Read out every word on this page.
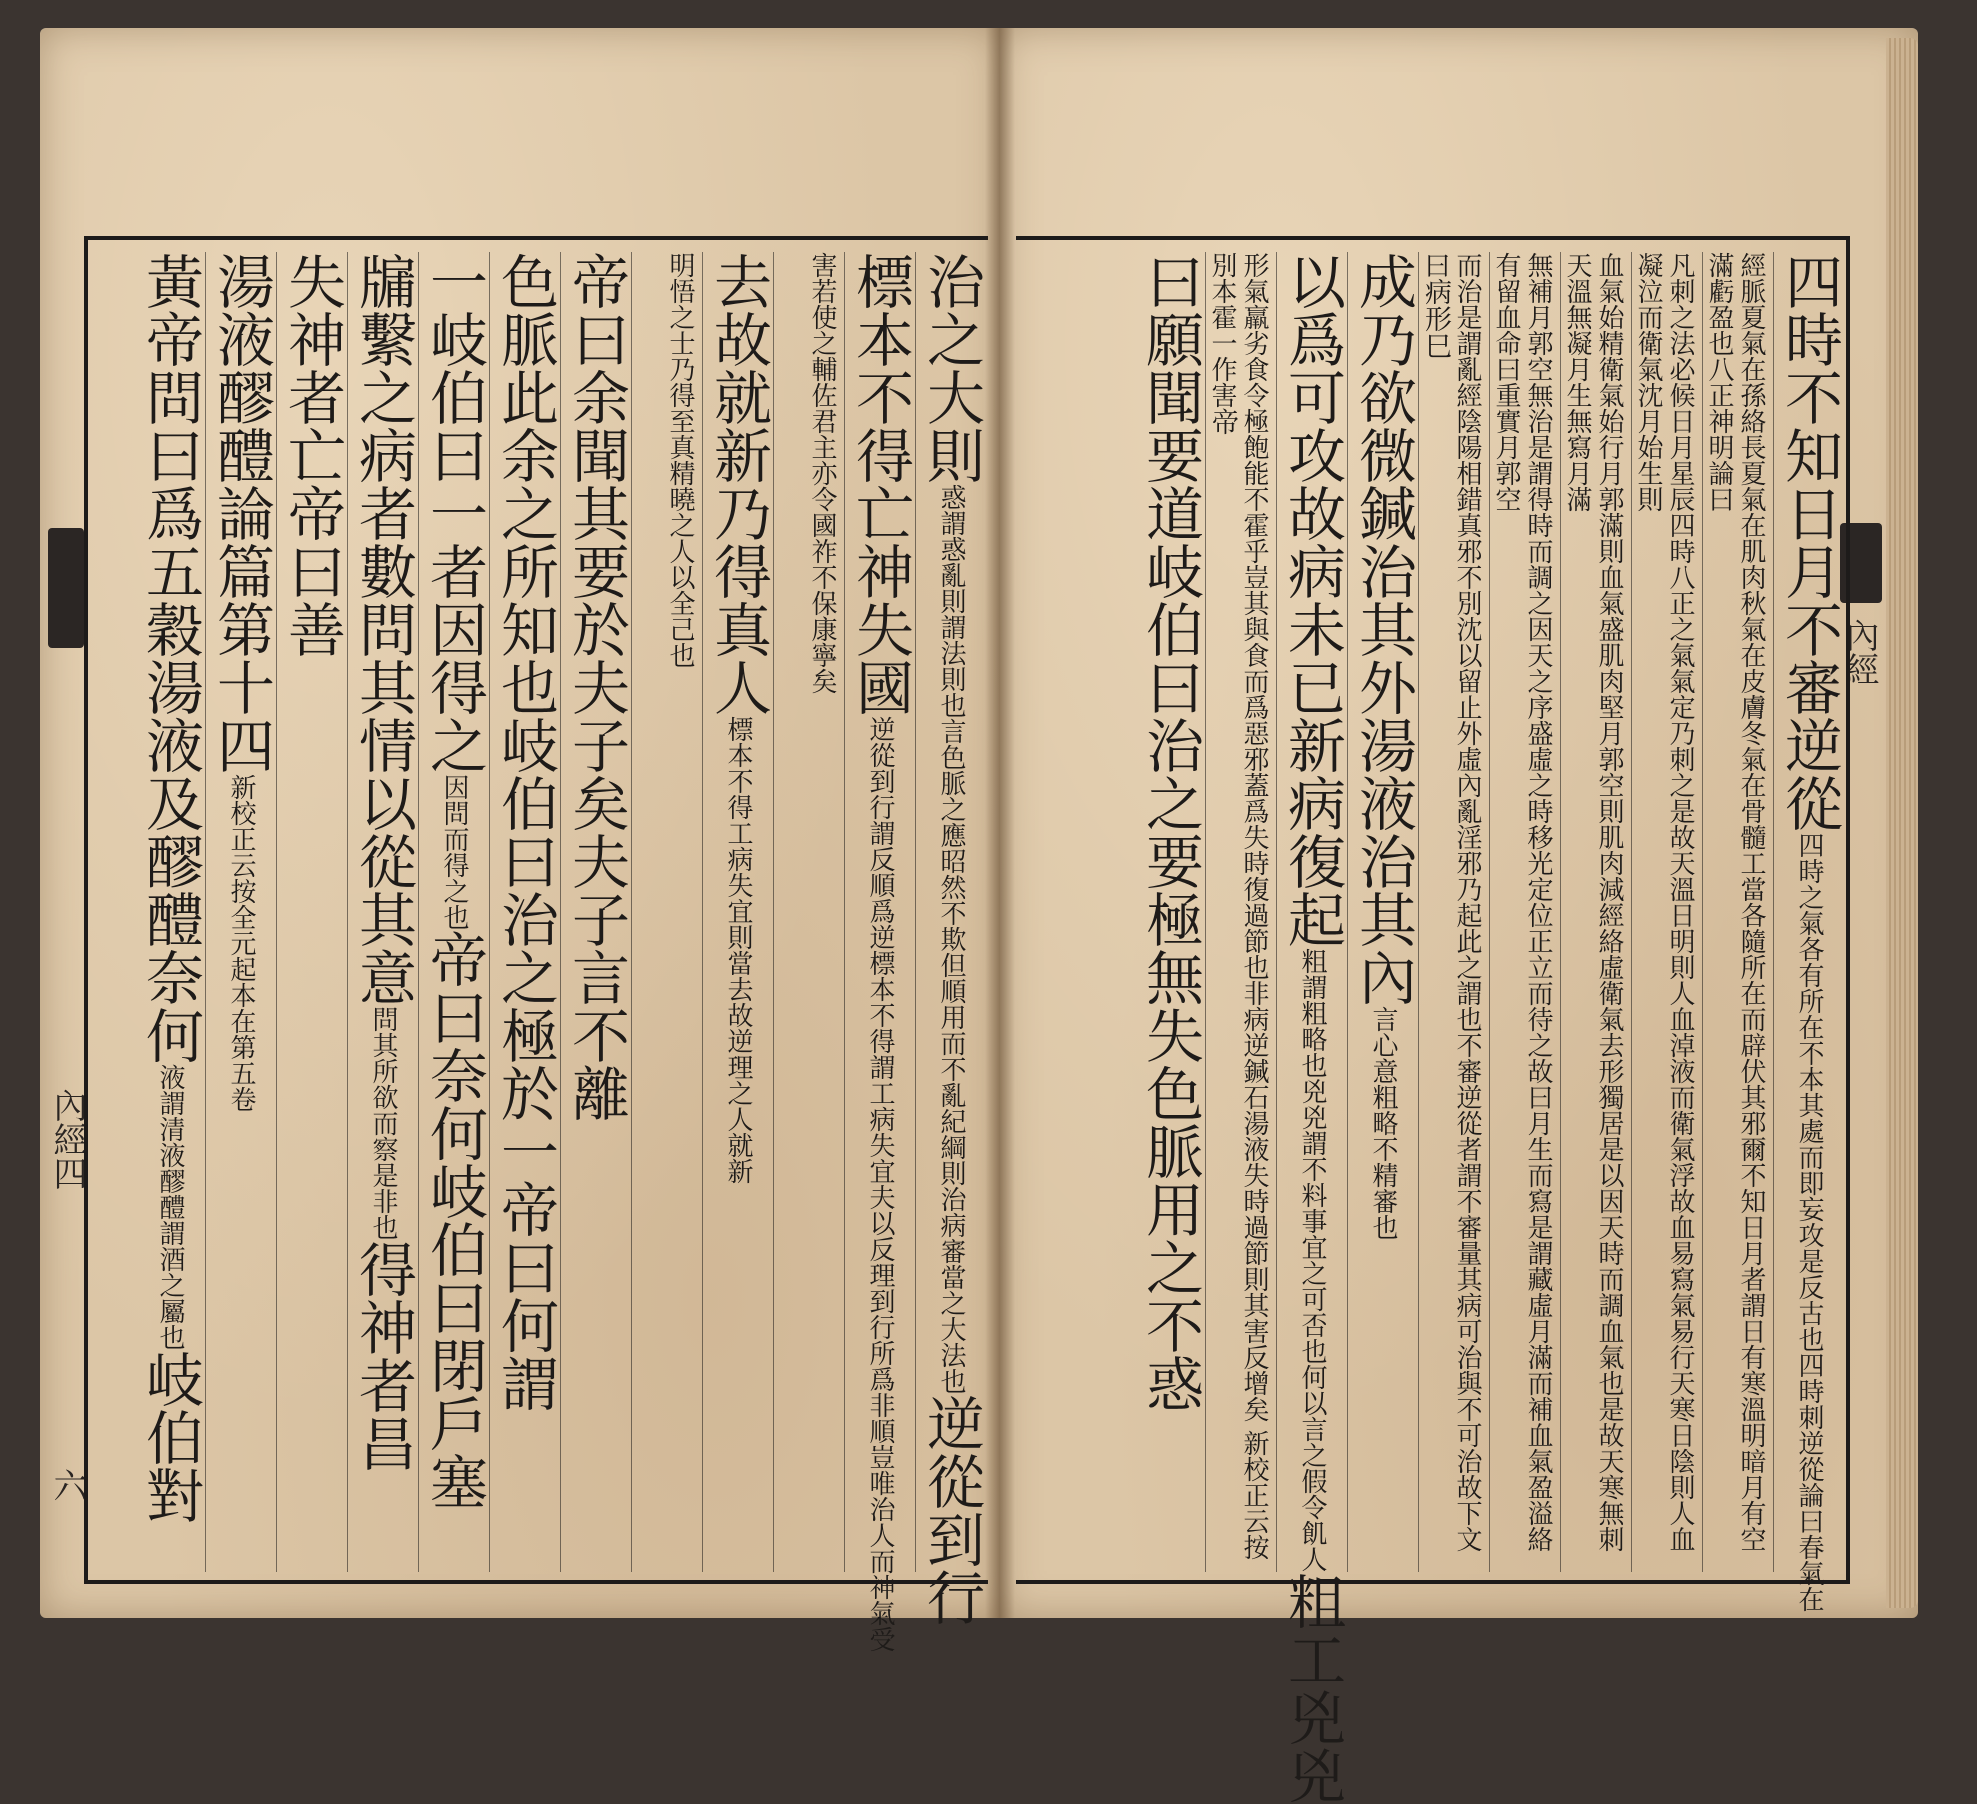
內經四
六
治之大則惑謂惑亂則謂法則也言色脈之應昭然不欺但順用而不亂紀綱則治病審當之大法也逆從到行
標本不得亡神失國逆從到行謂反順爲逆標本不得謂工病失宜夫以反理到行所爲非順豈唯治人而神氣受
害若使之輔佐君主亦令國祚不保康寧矣
去故就新乃得真人標本不得工病失宜則當去故逆理之人就新
明悟之士乃得至真精曉之人以全己也
帝曰余聞其要於夫子矣夫子言不離
色脈此余之所知也岐伯曰治之極於一帝曰何謂
一岐伯曰一者因得之因問而得之也帝曰奈何岐伯曰閉戶塞
牖繫之病者數問其情以從其意問其所欲而察是非也得神者昌
失神者亡帝曰善
湯液醪醴論篇第十四新校正云按全元起本在第五卷
黃帝問曰爲五穀湯液及醪醴奈何液謂清液醪醴謂酒之屬也岐伯對
內經
四時不知日月不審逆從四時之氣各有所在不本其處而即妄攻是反古也四時刺逆從論曰春氣在
經脈夏氣在孫絡長夏氣在肌肉秋氣在皮膚冬氣在骨髓工當各隨所在而辟伏其邪爾不知日月者謂日有寒溫明暗月有空滿虧盈也八正神明論曰
凡刺之法必候日月星辰四時八正之氣氣定乃刺之是故天溫日明則人血淖液而衛氣浮故血易寫氣易行天寒日陰則人血凝泣而衛氣沈月始生則
血氣始精衛氣始行月郭滿則血氣盛肌肉堅月郭空則肌肉減經絡虛衛氣去形獨居是以因天時而調血氣也是故天寒無刺天溫無凝月生無寫月滿
無補月郭空無治是謂得時而調之因天之序盛虛之時移光定位正立而待之故曰月生而寫是謂藏虛月滿而補血氣盈溢絡有留血命曰重實月郭空
而治是謂亂經陰陽相錯真邪不別沈以留止外虛內亂淫邪乃起此之謂也不審逆從者謂不審量其病可治與不可治故下文曰病形巳
成乃欲微鍼治其外湯液治其內言心意粗略不精審也
以爲可攻故病未已新病復起粗謂粗略也兇兇謂不料事宜之可否也何以言之假令飢人粗工兇兇
形氣羸劣食令極飽能不霍乎豈其與食而爲惡邪蓋爲失時復過節也非病逆鍼石湯液失時過節則其害反增矣 新校正云按別本霍一作害帝
曰願聞要道岐伯曰治之要極無失色脈用之不惑
